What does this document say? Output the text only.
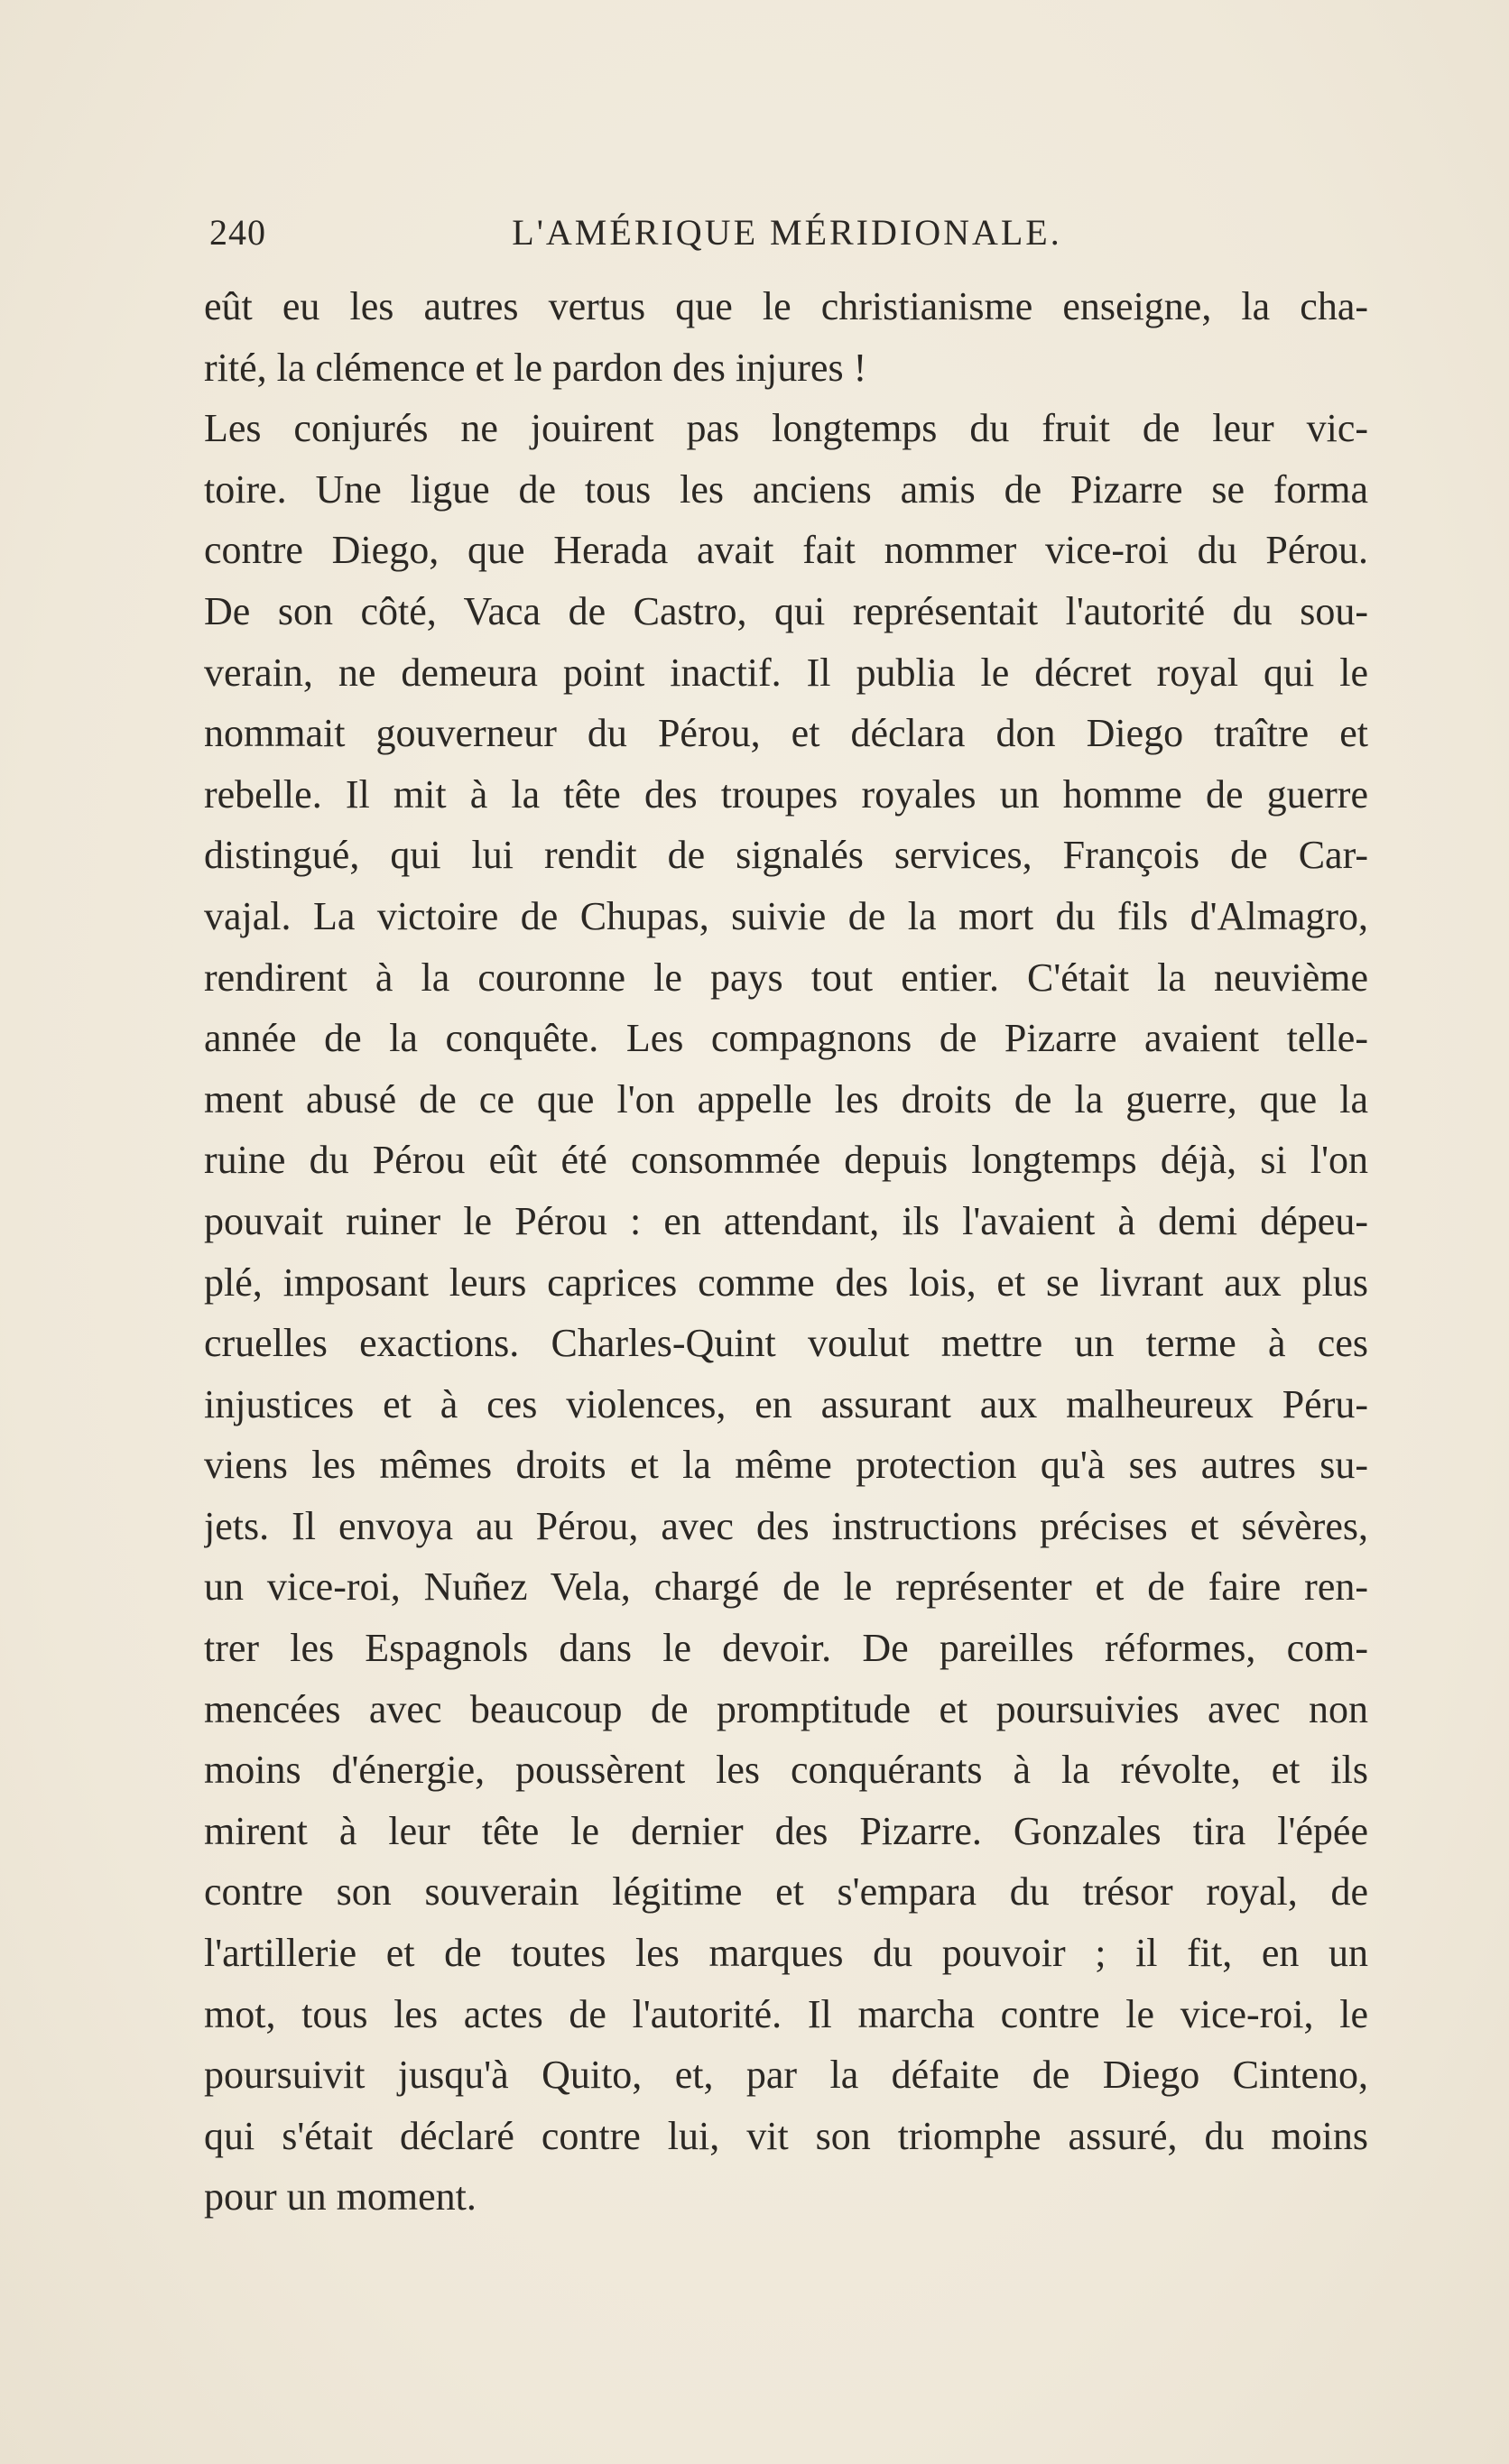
240	L'AMÉRIQUE MÉRIDIONALE.
eût eu les autres vertus que le christianisme enseigne, la cha-
rité, la clémence et le pardon des injures !
Les conjurés ne jouirent pas longtemps du fruit de leur vic-
toire. Une ligue de tous les anciens amis de Pizarre se forma
contre Diego, que Herada avait fait nommer vice-roi du Pérou.
De son côté, Vaca de Castro, qui représentait l'autorité du sou-
verain, ne demeura point inactif. Il publia le décret royal qui le
nommait gouverneur du Pérou, et déclara don Diego traître et
rebelle. Il mit à la tête des troupes royales un homme de guerre
distingué, qui lui rendit de signalés services, François de Car-
vajal. La victoire de Chupas, suivie de la mort du fils d'Almagro,
rendirent à la couronne le pays tout entier. C'était la neuvième
année de la conquête. Les compagnons de Pizarre avaient telle-
ment abusé de ce que l'on appelle les droits de la guerre, que la
ruine du Pérou eût été consommée depuis longtemps déjà, si l'on
pouvait ruiner le Pérou : en attendant, ils l'avaient à demi dépeu-
plé, imposant leurs caprices comme des lois, et se livrant aux plus
cruelles exactions. Charles-Quint voulut mettre un terme à ces
injustices et à ces violences, en assurant aux malheureux Péru-
viens les mêmes droits et la même protection qu'à ses autres su-
jets. Il envoya au Pérou, avec des instructions précises et sévères,
un vice-roi, Nuñez Vela, chargé de le représenter et de faire ren-
trer les Espagnols dans le devoir. De pareilles réformes, com-
mencées avec beaucoup de promptitude et poursuivies avec non
moins d'énergie, poussèrent les conquérants à la révolte, et ils
mirent à leur tête le dernier des Pizarre. Gonzales tira l'épée
contre son souverain légitime et s'empara du trésor royal, de
l'artillerie et de toutes les marques du pouvoir ; il fit, en un
mot, tous les actes de l'autorité. Il marcha contre le vice-roi, le
poursuivit jusqu'à Quito, et, par la défaite de Diego Cinteno,
qui s'était déclaré contre lui, vit son triomphe assuré, du moins
pour un moment.
